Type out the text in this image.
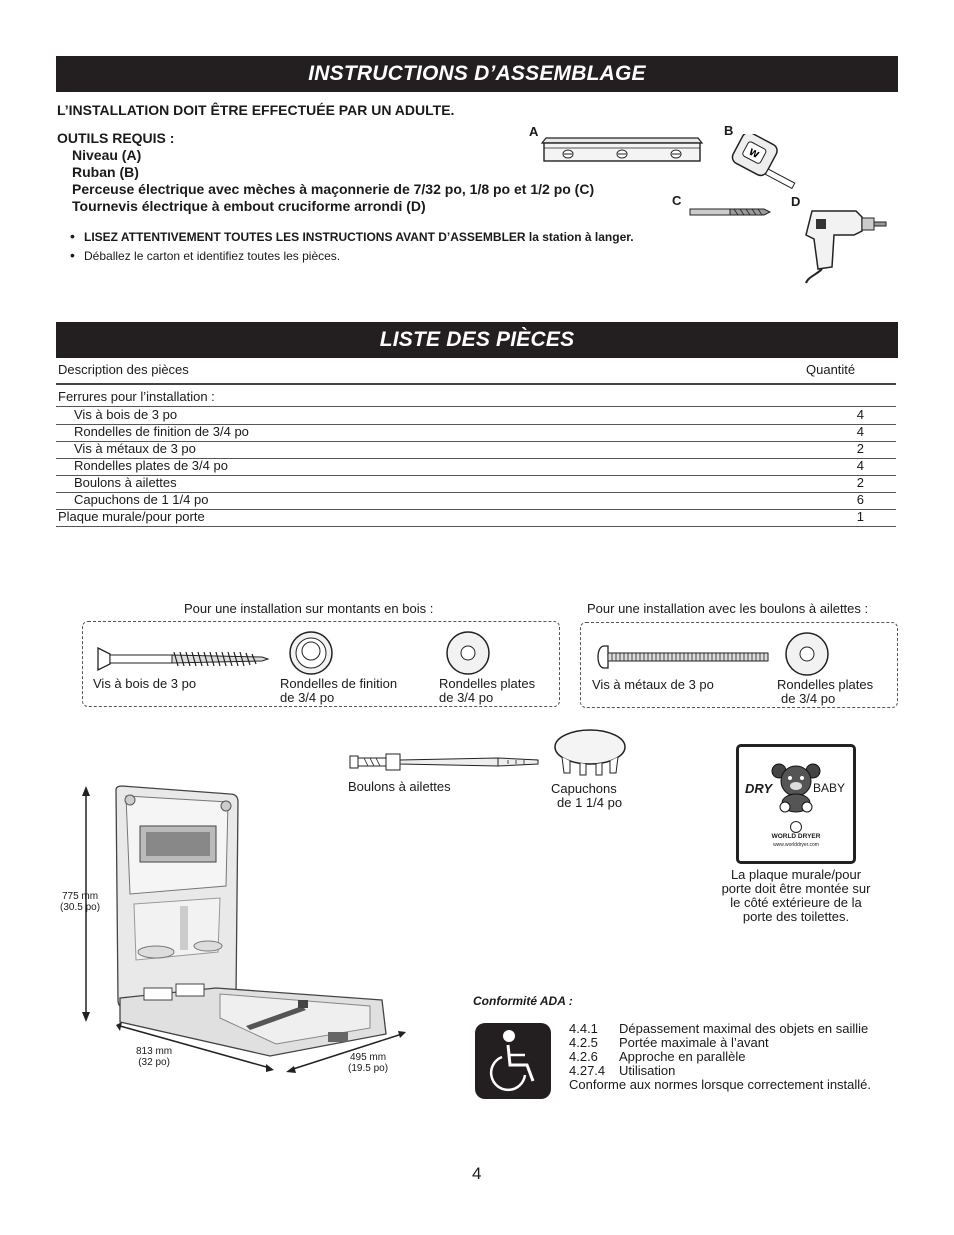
INSTRUCTIONS D’ASSEMBLAGE
L’INSTALLATION DOIT ÊTRE EFFECTUÉE PAR UN ADULTE.
OUTILS REQUIS :
Niveau (A)
Ruban (B)
Perceuse électrique avec mèches à maçonnerie de 7/32 po, 1/8 po et 1/2 po (C)
Tournevis électrique à embout cruciforme arrondi (D)
• LISEZ ATTENTIVEMENT TOUTES LES INSTRUCTIONS AVANT D’ASSEMBLER la station à langer.
• Déballez le carton et identifiez toutes les pièces.
A	B
C	D
W
LISTE DES PIÈCES
Description des pièces	Quantité
Ferrures pour l’installation :
Vis à bois de 3 po	4
Rondelles de finition de 3/4 po	4
Vis à métaux de 3 po	2
Rondelles plates de 3/4 po	4
Boulons à ailettes	2
Capuchons de 1 1/4 po	6
Plaque murale/pour porte	1
Pour une installation sur montants en bois :	Pour une installation avec les boulons à ailettes :
Vis à bois de 3 po	Rondelles de finition
de 3/4 po
Rondelles plates
de 3/4 po
Vis à métaux de 3 po	Rondelles plates
de 3/4 po
Boulons à ailettes	Capuchons
de 1 1/4 po
DRY	BABY
WORLD DRYER
www.worlddryer.com
La plaque murale/pour
porte doit être montée sur
le côté extérieure de la
porte des toilettes.
775 mm
(30.5 po)
813 mm
(32 po)	495 mm
(19.5 po)
Conformité ADA :
4.4.1 Dépassement maximal des objets en saillie
4.2.5 Portée maximale à l’avant
4.2.6 Approche en parallèle
4.27.4 Utilisation
Conforme aux normes lorsque correctement installé.
4
